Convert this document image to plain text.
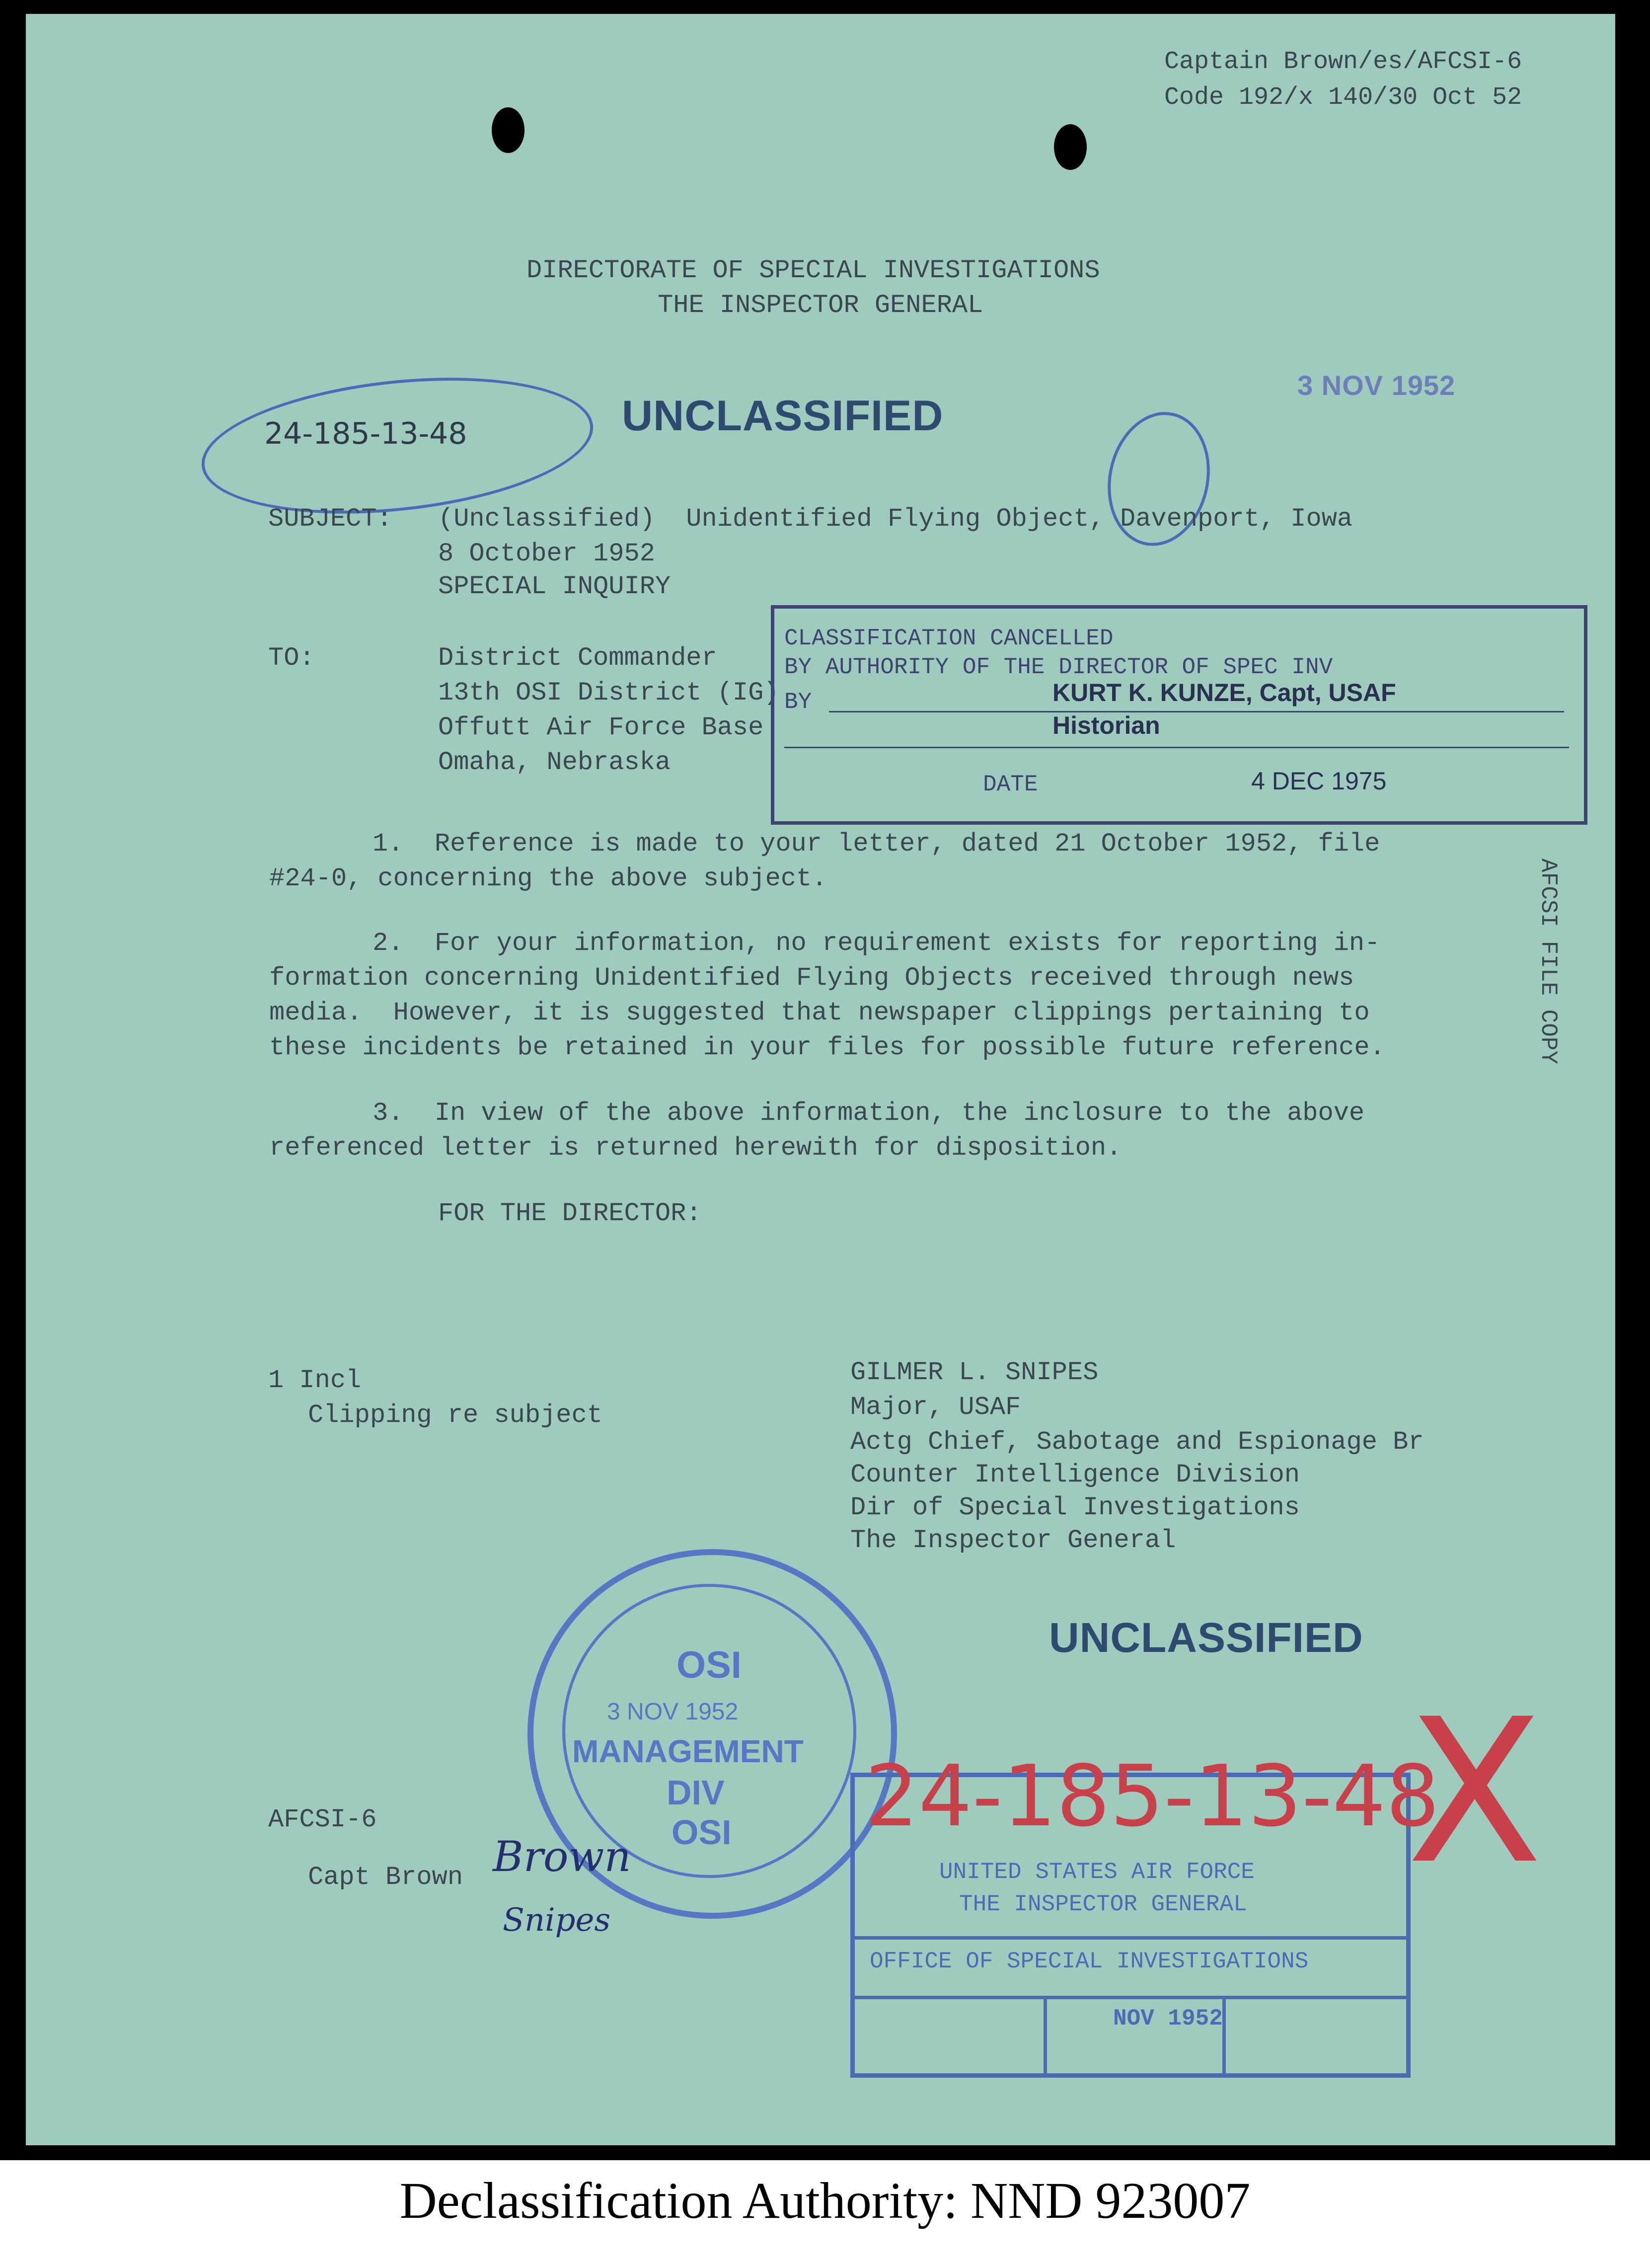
Captain Brown/es/AFCSI-6
Code 192/x 140/30 Oct 52
DIRECTORATE OF SPECIAL INVESTIGATIONS
THE INSPECTOR GENERAL
UNCLASSIFIED
3 NOV 1952
24-185-13-48
SUBJECT: (Unclassified)  Unidentified Flying Object, Davenport, Iowa
8 October 1952
SPECIAL INQUIRY
TO:	District Commander
13th OSI District (IG)
Offutt Air Force Base
Omaha, Nebraska
CLASSIFICATION CANCELLED
BY AUTHORITY OF THE DIRECTOR OF SPEC INV
BY	KURT K. KUNZE, Capt, USAF
Historian
DATE	4 DEC 1975
1.  Reference is made to your letter, dated 21 October 1952, file
#24-0, concerning the above subject.
2.  For your information, no requirement exists for reporting in-
formation concerning Unidentified Flying Objects received through news
media.  However, it is suggested that newspaper clippings pertaining to
these incidents be retained in your files for possible future reference.
3.  In view of the above information, the inclosure to the above
referenced letter is returned herewith for disposition.
FOR THE DIRECTOR:
1 Incl
Clipping re subject
GILMER L. SNIPES
Major, USAF
Actg Chief, Sabotage and Espionage Br
Counter Intelligence Division
Dir of Special Investigations
The Inspector General
UNCLASSIFIED
AFCSI FILE COPY
OSI
3 NOV 1952
MANAGEMENT
DIV
OSI
AFCSI-6
Capt Brown Brown
Snipes
24-185-13-48
UNITED STATES AIR FORCE
THE INSPECTOR GENERAL
OFFICE OF SPECIAL INVESTIGATIONS
NOV 1952
X
Declassification Authority: NND 923007
